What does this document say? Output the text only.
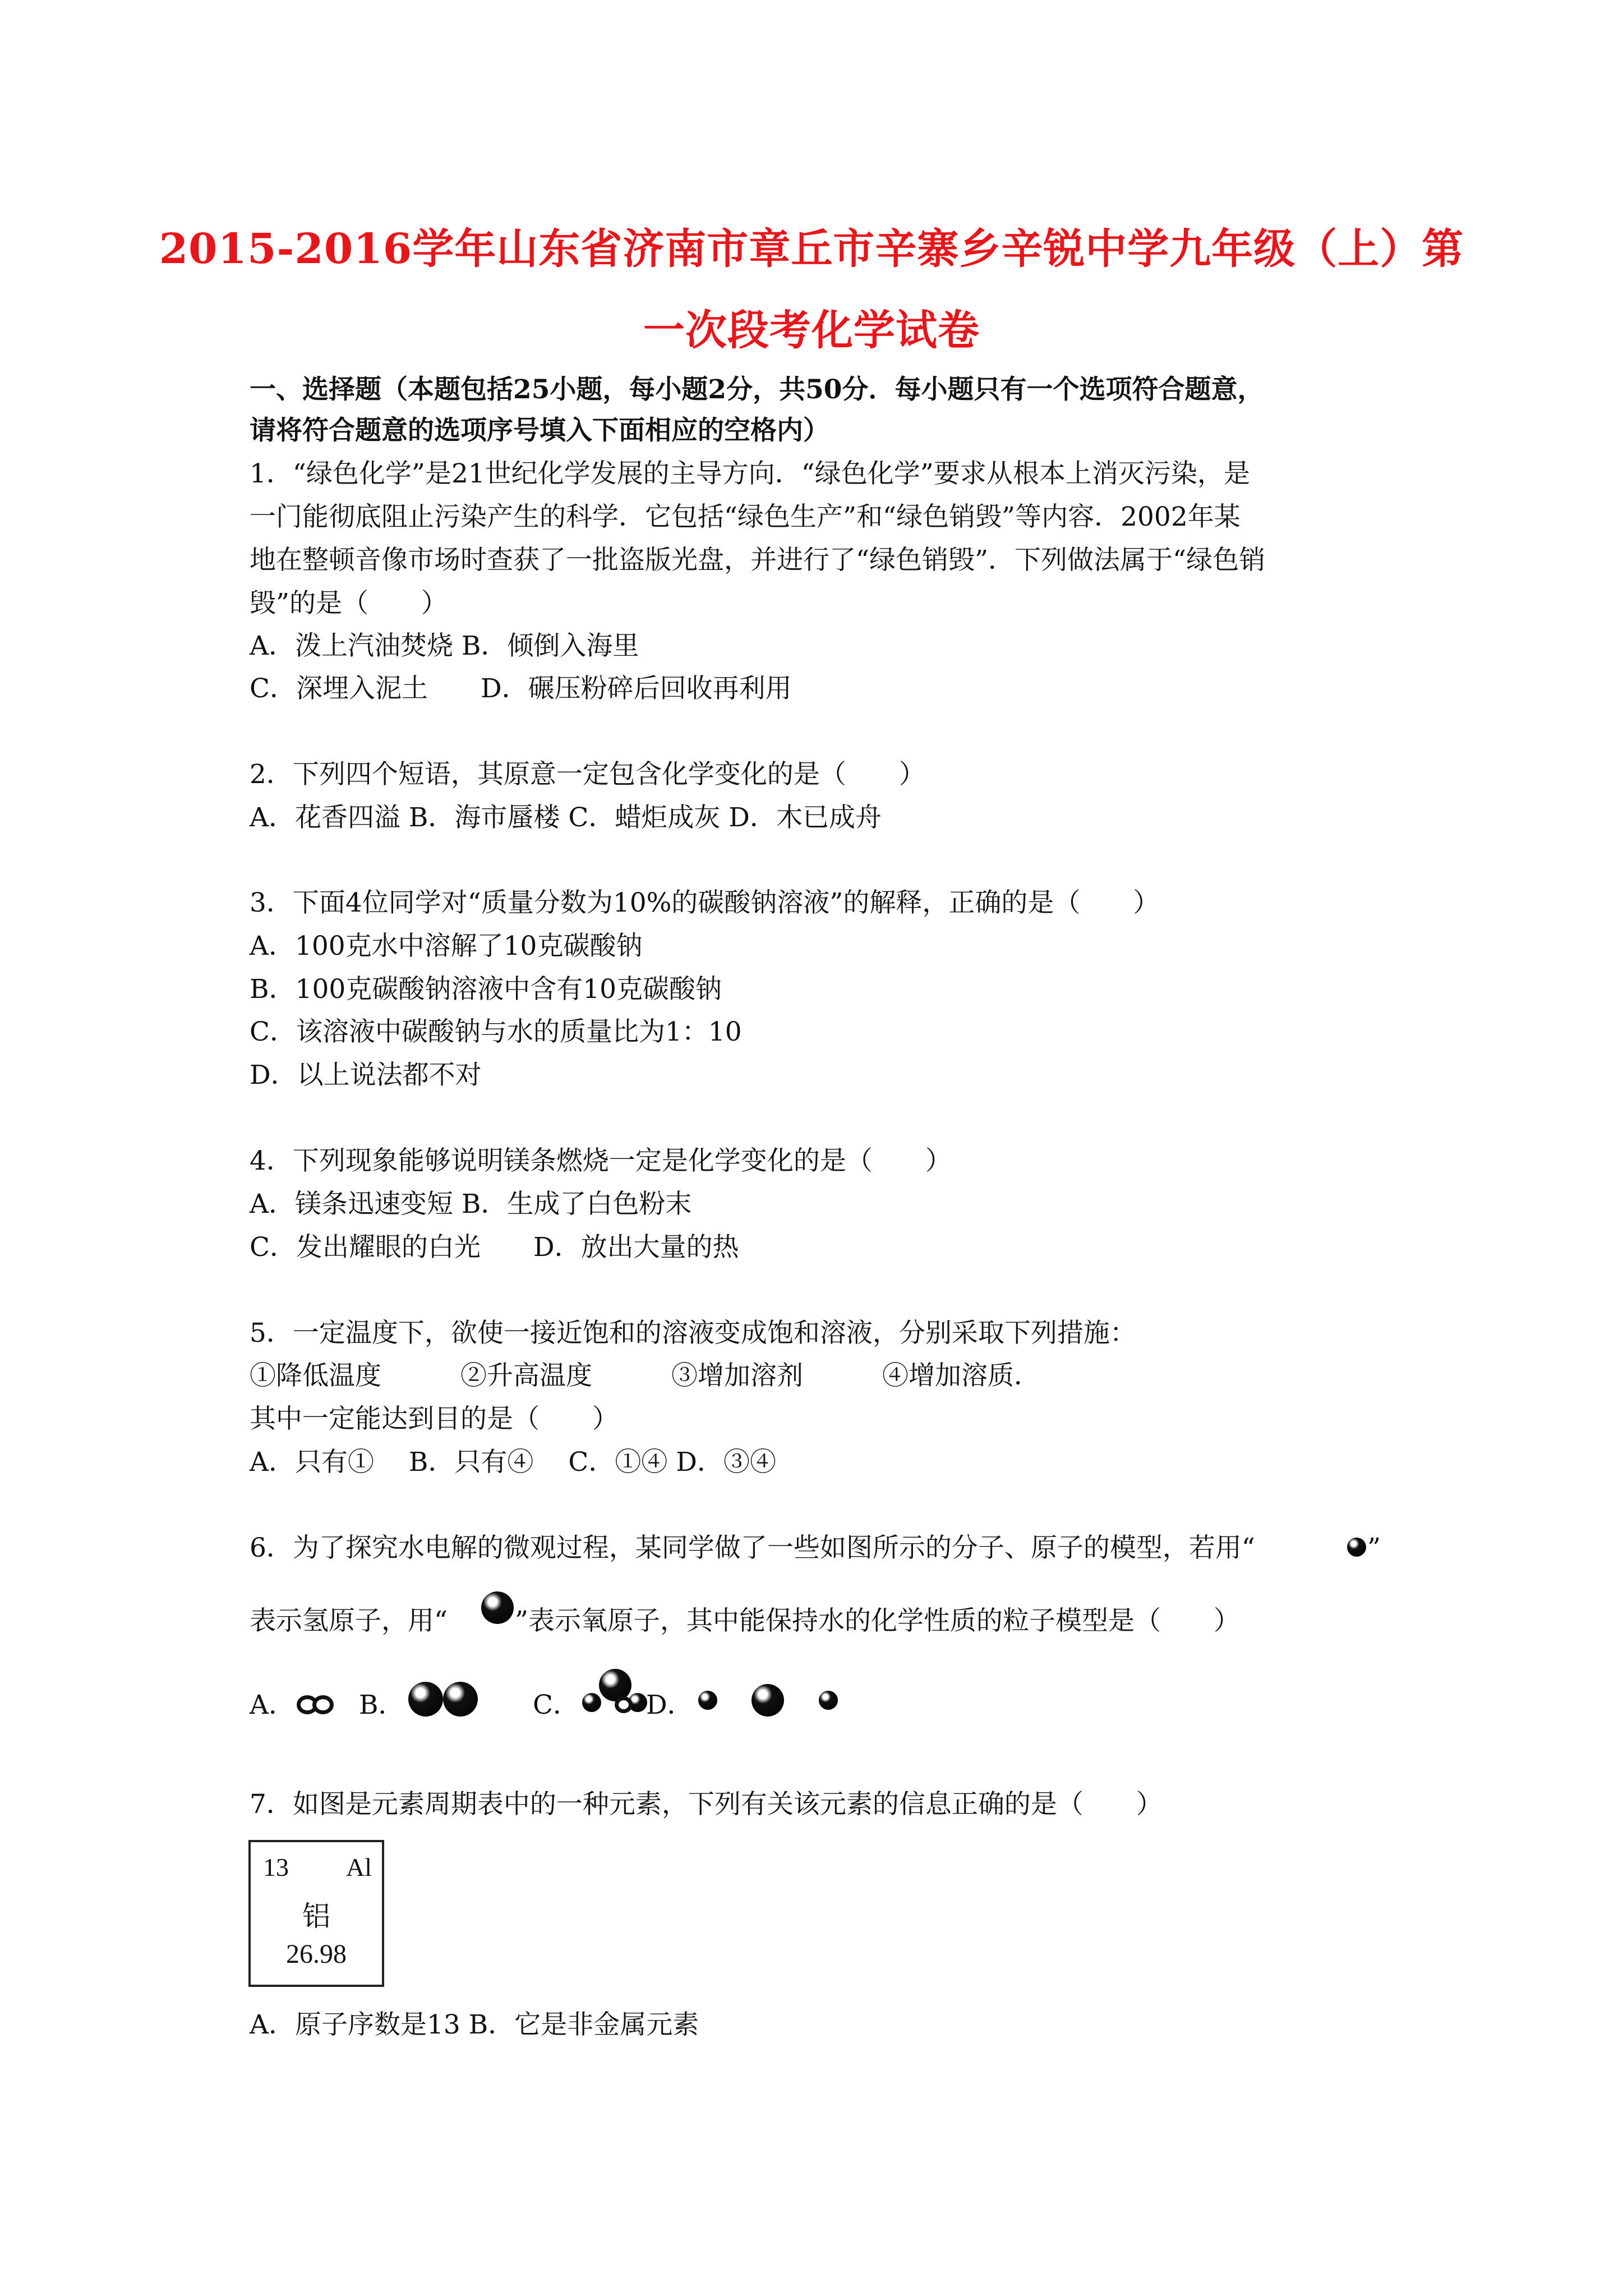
2015-2016学年山东省济南市章丘市辛寨乡辛锐中学九年级（上）第
一次段考化学试卷
一、选择题（本题包括25小题，每小题2分，共50分．每小题只有一个选项符合题意，
请将符合题意的选项序号填入下面相应的空格内）
1．“绿色化学”是21世纪化学发展的主导方向．“绿色化学”要求从根本上消灭污染，是
一门能彻底阻止污染产生的科学．它包括“绿色生产”和“绿色销毁”等内容．2002年某
地在整顿音像市场时查获了一批盗版光盘，并进行了“绿色销毁”．下列做法属于“绿色销
毁”的是（　　）
A．泼上汽油焚烧 B．倾倒入海里
C．深埋入泥土　　D．碾压粉碎后回收再利用
2．下列四个短语，其原意一定包含化学变化的是（　　）
A．花香四溢 B．海市蜃楼 C．蜡炬成灰 D．木已成舟
3．下面4位同学对“质量分数为10%的碳酸钠溶液”的解释，正确的是（　　）
A．100克水中溶解了10克碳酸钠
B．100克碳酸钠溶液中含有10克碳酸钠
C．该溶液中碳酸钠与水的质量比为1：10
D．以上说法都不对
4．下列现象能够说明镁条燃烧一定是化学变化的是（　　）
A．镁条迅速变短 B．生成了白色粉末
C．发出耀眼的白光　　D．放出大量的热
5．一定温度下，欲使一接近饱和的溶液变成饱和溶液，分别采取下列措施：
①降低温度　　　②升高温度　　　③增加溶剂　　　④增加溶质．
其中一定能达到目的是（　　）
A．只有①　 B．只有④　 C．①④ D．③④
6．为了探究水电解的微观过程，某同学做了一些如图所示的分子、原子的模型，若用“	”
表示氢原子，用“	”表示氧原子，其中能保持水的化学性质的粒子模型是（　　）
A． B．	C．	D．
7．如图是元素周期表中的一种元素，下列有关该元素的信息正确的是（　　）
13 Al
铝
26.98
A．原子序数是13 B．它是非金属元素
